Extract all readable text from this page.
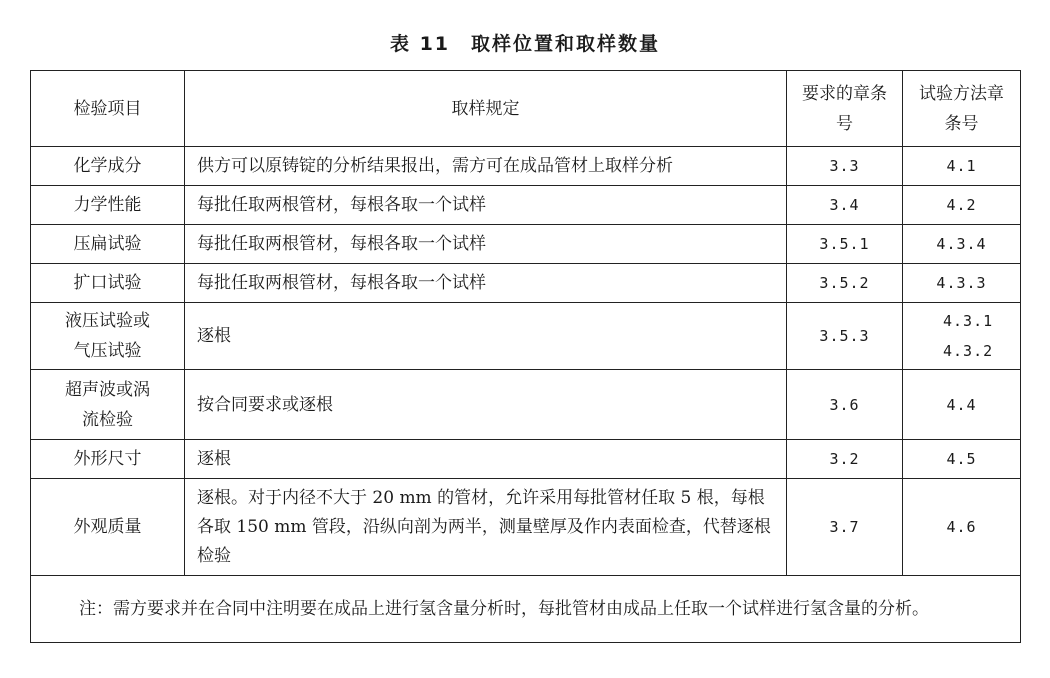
表 11　取样位置和取样数量
检验项目	取样规定	要求的章条号	试验方法章条号
化学成分	供方可以原铸锭的分析结果报出，需方可在成品管材上取样分析	3.3	4.1
力学性能	每批任取两根管材，每根各取一个试样	3.4	4.2
压扁试验	每批任取两根管材，每根各取一个试样	3.5.1	4.3.4
扩口试验	每批任取两根管材，每根各取一个试样	3.5.2	4.3.3
液压试验或气压试验	逐根	3.5.3	4.3.1 4.3.2
超声波或涡流检验	按合同要求或逐根	3.6	4.4
外形尺寸	逐根	3.2	4.5
外观质量	逐根。对于内径不大于 20 mm 的管材，允许采用每批管材任取 5 根，每根各取 150 mm 管段，沿纵向剖为两半，测量壁厚及作内表面检查，代替逐根检验	3.7	4.6

注：需方要求并在合同中注明要在成品上进行氢含量分析时，每批管材由成品上任取一个试样进行氢含量的分析。			
